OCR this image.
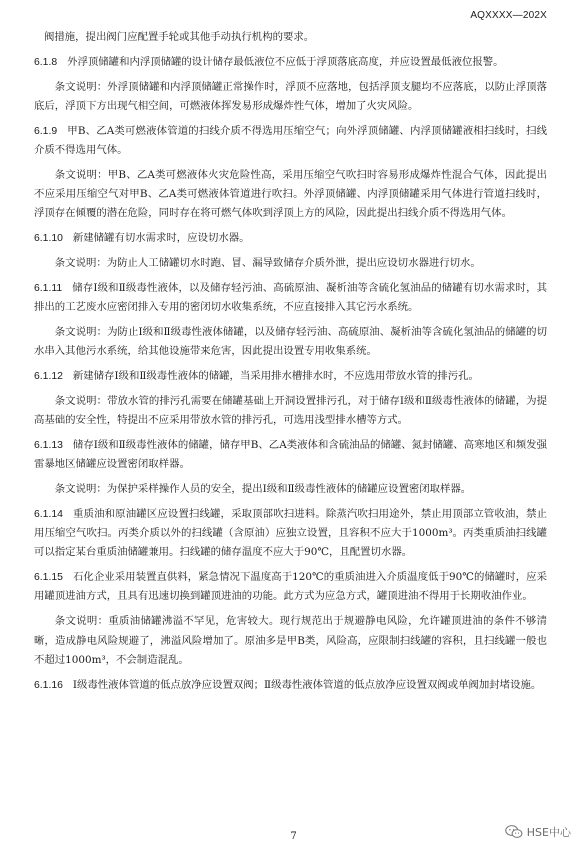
AQXXXX—202X

阀措施，提出阀门应配置手轮或其他手动执行机构的要求。

6.1.8 外浮顶储罐和内浮顶储罐的设计储存最低液位不应低于浮顶落底高度，并应设置最低液位报警。

条文说明：外浮顶储罐和内浮顶储罐正常操作时，浮顶不应落地，包括浮顶支腿均不应落底，以防止浮顶落底后，浮顶下方出现气相空间，可燃液体挥发易形成爆炸性气体，增加了火灾风险。

6.1.9 甲B、乙A类可燃液体管道的扫线介质不得选用压缩空气；向外浮顶储罐、内浮顶储罐液相扫线时，扫线介质不得选用气体。

条文说明：甲B、乙A类可燃液体火灾危险性高，采用压缩空气吹扫时容易形成爆炸性混合气体，因此提出不应采用压缩空气对甲B、乙A类可燃液体管道进行吹扫。外浮顶储罐、内浮顶储罐采用气体进行管道扫线时，浮顶存在倾覆的潜在危险，同时存在将可燃气体吹到浮顶上方的风险，因此提出扫线介质不得选用气体。

6.1.10 新建储罐有切水需求时，应设切水器。

条文说明：为防止人工储罐切水时跑、冒、漏导致储存介质外泄，提出应设切水器进行切水。

6.1.11 储存Ⅰ级和Ⅱ级毒性液体，以及储存轻污油、高硫原油、凝析油等含硫化氢油品的储罐有切水需求时，其排出的工艺废水应密闭排入专用的密闭切水收集系统，不应直接排入其它污水系统。

条文说明：为防止Ⅰ级和Ⅱ级毒性液体储罐，以及储存轻污油、高硫原油、凝析油等含硫化氢油品的储罐的切水串入其他污水系统，给其他设施带来危害，因此提出设置专用收集系统。

6.1.12 新建储存Ⅰ级和Ⅱ级毒性液体的储罐，当采用排水槽排水时，不应选用带放水管的排污孔。

条文说明：带放水管的排污孔需要在储罐基础上开洞设置排污孔，对于储存Ⅰ级和Ⅱ级毒性液体的储罐，为提高基础的安全性，特提出不应采用带放水管的排污孔，可选用浅型排水槽等方式。

6.1.13 储存Ⅰ级和Ⅱ级毒性液体的储罐，储存甲B、乙A类液体和含硫油品的储罐、氮封储罐、高寒地区和频发强雷暴地区储罐应设置密闭取样器。

条文说明：为保护采样操作人员的安全，提出Ⅰ级和Ⅱ级毒性液体的储罐应设置密闭取样器。

6.1.14 重质油和原油罐区应设置扫线罐，采取顶部吹扫进料。除蒸汽吹扫用途外，禁止用顶部立管收油，禁止用压缩空气吹扫。丙类介质以外的扫线罐（含原油）应独立设置，且容积不应大于1000m³。丙类重质油扫线罐可以指定某台重质油储罐兼用。扫线罐的储存温度不应大于90℃，且配置切水器。

6.1.15 石化企业采用装置直供料，紧急情况下温度高于120℃的重质油进入介质温度低于90℃的储罐时，应采用罐顶进油方式，且具有迅速切换到罐顶进油的功能。此方式为应急方式，罐顶进油不得用于长期收油作业。

条文说明：重质油储罐沸溢不罕见，危害较大。现行规范出于规避静电风险，允许罐顶进油的条件不够清晰，造成静电风险规避了，沸溢风险增加了。原油多是甲B类，风险高，应限制扫线罐的容积，且扫线罐一般也不超过1000m³，不会制造混乱。

6.1.16 Ⅰ级毒性液体管道的低点放净应设置双阀；Ⅱ级毒性液体管道的低点放净应设置双阀或单阀加封堵设施。

7	HSE中心
